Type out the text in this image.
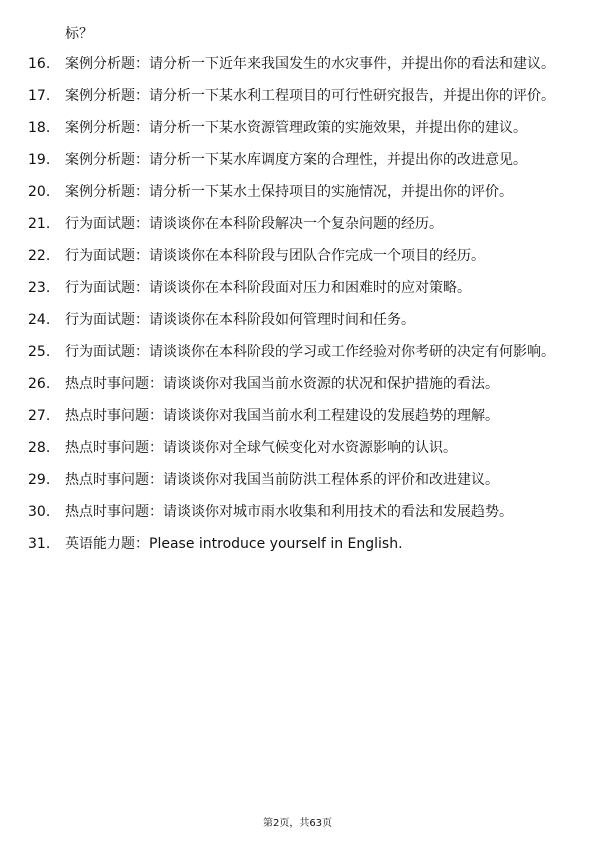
标？
16.	案例分析题：请分析一下近年来我国发生的水灾事件，并提出你的看法和建议。
17.	案例分析题：请分析一下某水利工程项目的可行性研究报告，并提出你的评价。
18.	案例分析题：请分析一下某水资源管理政策的实施效果，并提出你的建议。
19.	案例分析题：请分析一下某水库调度方案的合理性，并提出你的改进意见。
20.	案例分析题：请分析一下某水土保持项目的实施情况，并提出你的评价。
21.	行为面试题：请谈谈你在本科阶段解决一个复杂问题的经历。
22.	行为面试题：请谈谈你在本科阶段与团队合作完成一个项目的经历。
23.	行为面试题：请谈谈你在本科阶段面对压力和困难时的应对策略。
24.	行为面试题：请谈谈你在本科阶段如何管理时间和任务。
25.	行为面试题：请谈谈你在本科阶段的学习或工作经验对你考研的决定有何影响。
26.	热点时事问题：请谈谈你对我国当前水资源的状况和保护措施的看法。
27.	热点时事问题：请谈谈你对我国当前水利工程建设的发展趋势的理解。
28.	热点时事问题：请谈谈你对全球气候变化对水资源影响的认识。
29.	热点时事问题：请谈谈你对我国当前防洪工程体系的评价和改进建议。
30.	热点时事问题：请谈谈你对城市雨水收集和利用技术的看法和发展趋势。
31.	英语能力题：Please introduce yourself in English.
第2页，共63页
